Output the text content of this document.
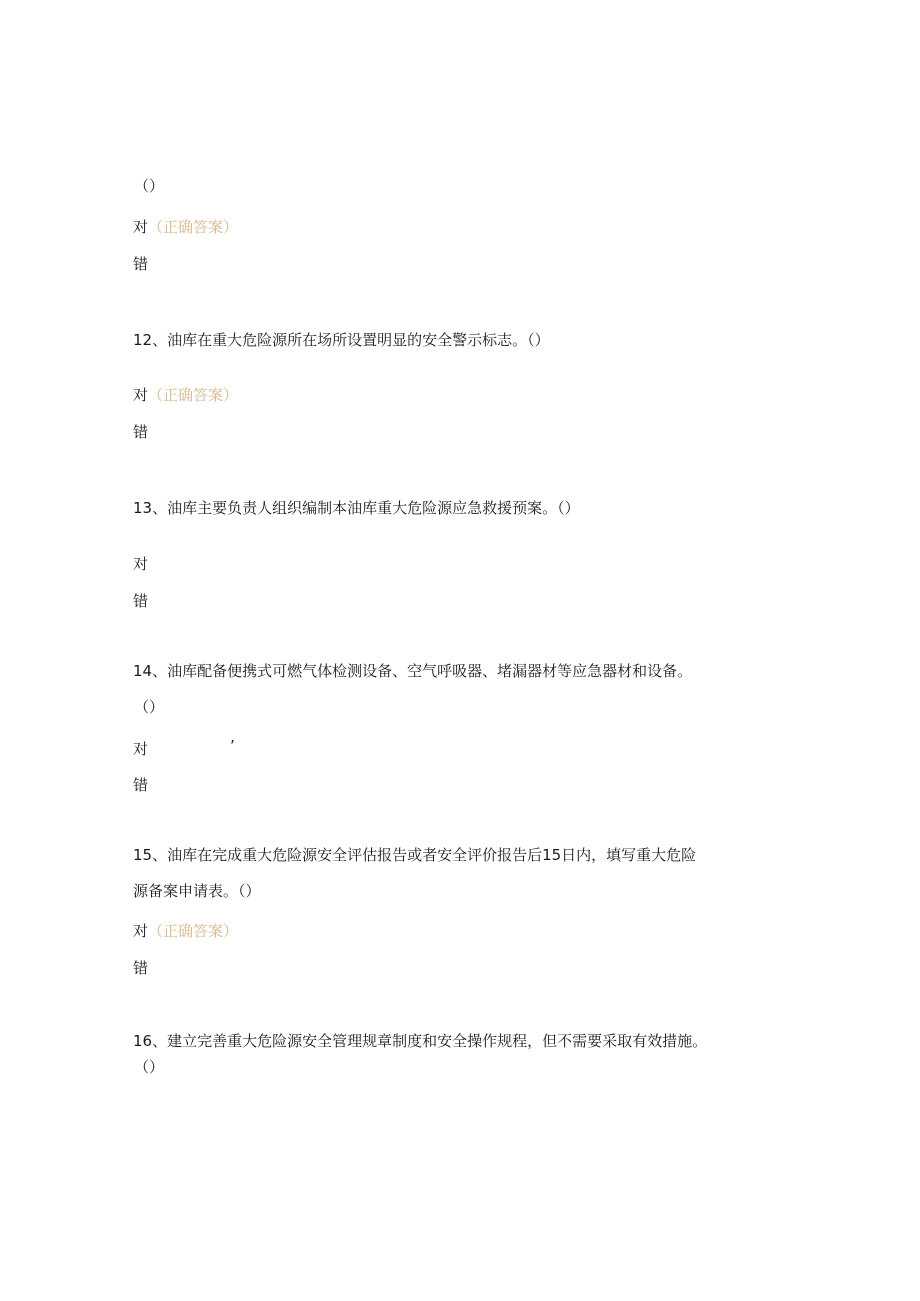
（）
对（正确答案）
错
12、油库在重大危险源所在场所设置明显的安全警示标志。（）
对（正确答案）
错
13、油库主要负责人组织编制本油库重大危险源应急救援预案。（）
对
错
14、油库配备便携式可燃气体检测设备、空气呼吸器、堵漏器材等应急器材和设备。
（）
对	’
错
15、油库在完成重大危险源安全评估报告或者安全评价报告后15日内，填写重大危险
源备案申请表。（）
对（正确答案）
错
16、建立完善重大危险源安全管理规章制度和安全操作规程，但不需要采取有效措施。
（）
